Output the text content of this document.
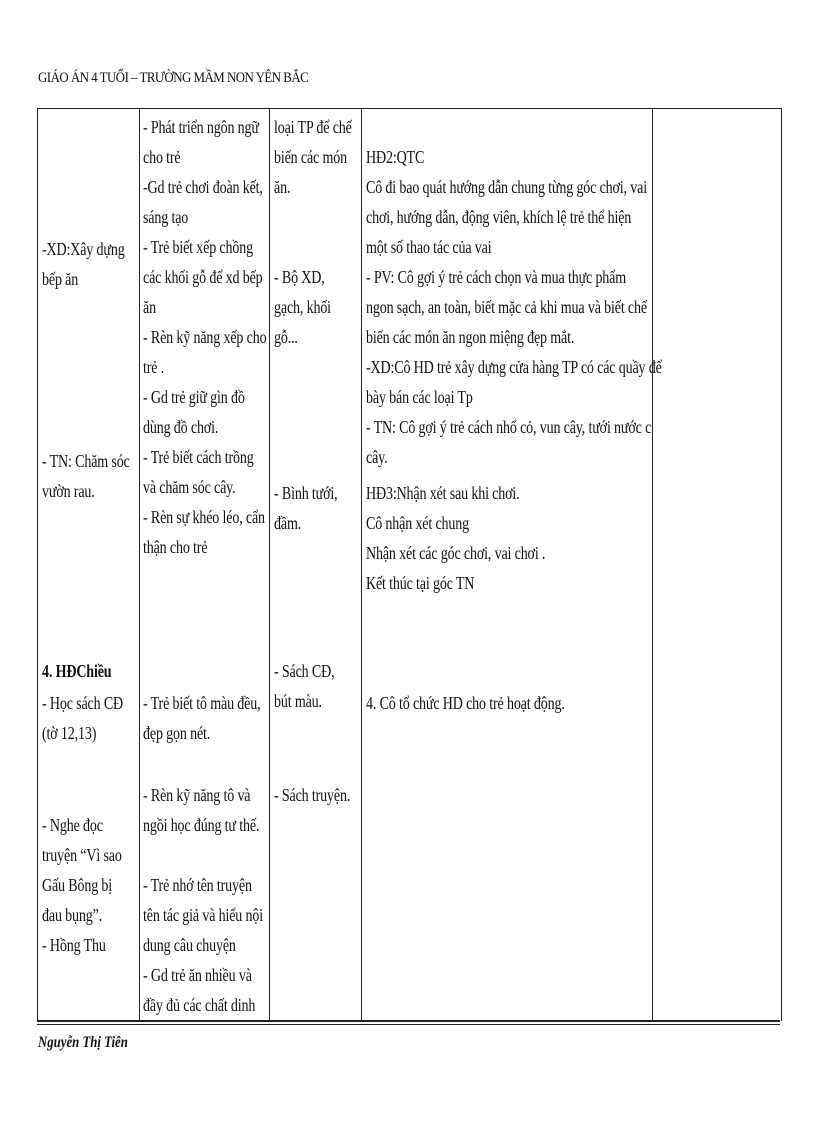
GIÁO ÁN 4 TUỔI – TRƯỜNG MẦM NON YÊN BẮC
-XD:Xây dựng
bếp ăn
- TN: Chăm sóc
vườn rau.
4. HĐChiều
- Học sách CĐ
(tờ 12,13)
- Nghe đọc
truyện “Vì sao
Gấu Bông bị
đau bụng”.
- Hồng Thu
- Phát triển ngôn ngữ
cho trẻ
-Gd trẻ chơi đoàn kết,
sáng tạo
- Trẻ biết xếp chồng
các khối gỗ để xd bếp
ăn
- Rèn kỹ năng xếp cho
trẻ .
- Gd trẻ giữ gìn đồ
dùng đồ chơi.
- Trẻ biết cách trồng
và chăm sóc cây.
- Rèn sự khéo léo, cẩn
thận cho trẻ
- Trẻ biết tô màu đều,
đẹp gọn nét.
- Rèn kỹ năng tô và
ngồi học đúng tư thế.
- Trẻ nhớ tên truyện
tên tác giả và hiểu nội
dung câu chuyện
- Gd trẻ ăn nhiều và
đầy đủ các chất dinh
loại TP để chế
biến các món
ăn.
- Bộ XD,
gạch, khối
gỗ...
- Bình tưới,
đầm.
- Sách CĐ,
bút màu.
- Sách truyện.
HĐ2:QTC
Cô đi bao quát hướng dẫn chung từng góc chơi, vai
chơi, hướng dẫn, động viên, khích lệ trẻ thể hiện
một số thao tác của vai
- PV: Cô gợi ý trẻ cách chọn và mua thực phẩm
ngon sạch, an toàn, biết mặc cả khi mua và biết chế
biến các món ăn ngon miệng đẹp mắt.
-XD:Cô HD trẻ xây dựng cửa hàng TP có các quầy để
bày bán các loại Tp
- TN: Cô gợi ý trẻ cách nhổ cỏ, vun cây, tưới nước c
cây.
HĐ3:Nhận xét sau khi chơi.
Cô nhận xét chung
Nhận xét các góc chơi, vai chơi .
Kết thúc tại góc TN
4. Cô tổ chức HD cho trẻ hoạt động.
Nguyễn Thị Tiên
